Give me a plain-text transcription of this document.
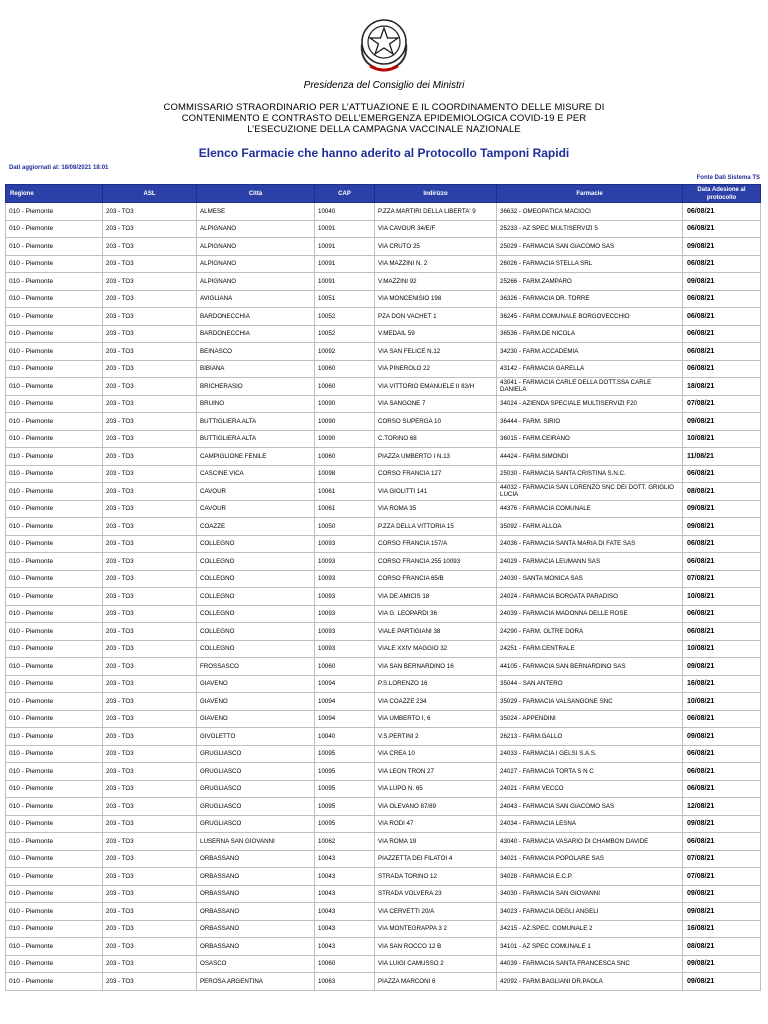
Presidenza del Consiglio dei Ministri
COMMISSARIO STRAORDINARIO PER L’ATTUAZIONE E IL COORDINAMENTO DELLE MISURE DI
CONTENIMENTO E CONTRASTO DELL’EMERGENZA EPIDEMIOLOGICA COVID-19 E PER
L’ESECUZIONE DELLA CAMPAGNA VACCINALE NAZIONALE
Elenco Farmacie che hanno aderito al Protocollo Tamponi Rapidi
Dati aggiornati al: 18/08/2021 18:01
Fonte Dati Sistema TS
Regione	ASL	Città	CAP	Indirizzo	Farmacie	Data Adesione al protocollo
010 - Piemonte	203 - TO3	ALMESE	10040	P.ZZA MARTIRI DELLA LIBERTA' 9	36632 - OMEOPATICA MACIOCI	06/08/21
010 - Piemonte	203 - TO3	ALPIGNANO	10091	VIA CAVOUR 34/E/F	25233 - AZ SPEC MULTISERVIZI 5	06/08/21
010 - Piemonte	203 - TO3	ALPIGNANO	10091	VIA CRUTO 25	25029 - FARMACIA SAN GIACOMO SAS	09/08/21
010 - Piemonte	203 - TO3	ALPIGNANO	10091	VIA MAZZINI N. 2	26026 - FARMACIA STELLA SRL	06/08/21
010 - Piemonte	203 - TO3	ALPIGNANO	10091	V.MAZZINI 92	25266 - FARM.ZAMPARO	09/08/21
010 - Piemonte	203 - TO3	AVIGLIANA	10051	VIA MONCENISIO 198	36326 - FARMACIA DR. TORRE	06/08/21
010 - Piemonte	203 - TO3	BARDONECCHIA	10052	PZA DON VACHET 1	36245 - FARM.COMUNALE BORGOVECCHIO	06/08/21
010 - Piemonte	203 - TO3	BARDONECCHIA	10052	V.MEDAIL 59	36536 - FARM.DE NICOLA	06/08/21
010 - Piemonte	203 - TO3	BEINASCO	10092	VIA SAN FELICE N.12	34230 - FARM.ACCADEMIA	06/08/21
010 - Piemonte	203 - TO3	BIBIANA	10060	VIA PINEROLO 22	43142 - FARMACIA GARELLA	06/08/21
010 - Piemonte	203 - TO3	BRICHERASIO	10060	VIA VITTORIO EMANUELE II 83/H	43041 - FARMACIA CARLE DELLA DOTT.SSA CARLE DANIELA	18/08/21
010 - Piemonte	203 - TO3	BRUINO	10090	VIA SANGONE 7	34024 - AZIENDA SPECIALE MULTISERVIZI F20	07/08/21
010 - Piemonte	203 - TO3	BUTTIGLIERA ALTA	10090	CORSO SUPERGA 10	36444 - FARM. SIRIO	09/08/21
010 - Piemonte	203 - TO3	BUTTIGLIERA ALTA	10090	C.TORINO 68	36015 - FARM.CEIRANO	10/08/21
010 - Piemonte	203 - TO3	CAMPIGLIONE FENILE	10060	PIAZZA UMBERTO I N.13	44424 - FARM.SIMONDI	11/08/21
010 - Piemonte	203 - TO3	CASCINE VICA	10098	CORSO FRANCIA 127	25030 - FARMACIA SANTA CRISTINA S.N.C.	06/08/21
010 - Piemonte	203 - TO3	CAVOUR	10061	VIA GIOLITTI 141	44032 - FARMACIA SAN LORENZO SNC DEI DOTT. GRIGLIO LUCIA	08/08/21
010 - Piemonte	203 - TO3	CAVOUR	10061	VIA ROMA 35	44376 - FARMACIA COMUNALE	09/08/21
010 - Piemonte	203 - TO3	COAZZE	10050	P.ZZA DELLA VITTORIA 15	35092 - FARM.ALLOA	09/08/21
010 - Piemonte	203 - TO3	COLLEGNO	10093	CORSO FRANCIA 157/A	24036 - FARMACIA SANTA MARIA DI FATE SAS	06/08/21
010 - Piemonte	203 - TO3	COLLEGNO	10093	CORSO FRANCIA 255 10093	24029 - FARMACIA LEUMANN SAS	06/08/21
010 - Piemonte	203 - TO3	COLLEGNO	10093	CORSO FRANCIA 65/B	24030 - SANTA MONICA SAS	07/08/21
010 - Piemonte	203 - TO3	COLLEGNO	10093	VIA DE AMICIS 18	24024 - FARMACIA BORGATA PARADISO	10/08/21
010 - Piemonte	203 - TO3	COLLEGNO	10093	VIA G. LEOPARDI 36	24039 - FARMACIA MADONNA DELLE ROSE	06/08/21
010 - Piemonte	203 - TO3	COLLEGNO	10093	VIALE PARTIGIANI 38	24290 - FARM. OLTRE DORA	06/08/21
010 - Piemonte	203 - TO3	COLLEGNO	10093	VIALE XXIV MAGGIO 32	24251 - FARM.CENTRALE	10/08/21
010 - Piemonte	203 - TO3	FROSSASCO	10060	VIA SAN BERNARDINO 16	44105 - FARMACIA SAN BERNARDINO SAS	09/08/21
010 - Piemonte	203 - TO3	GIAVENO	10094	P.S.LORENZO 16	35044 - SAN ANTERO	16/08/21
010 - Piemonte	203 - TO3	GIAVENO	10094	VIA COAZZE 234	35029 - FARMACIA VALSANGONE SNC	10/08/21
010 - Piemonte	203 - TO3	GIAVENO	10094	VIA UMBERTO I, 6	35024 - APPENDINI	06/08/21
010 - Piemonte	203 - TO3	GIVOLETTO	10040	V.S.PERTINI 2	26213 - FARM.GALLO	09/08/21
010 - Piemonte	203 - TO3	GRUGLIASCO	10095	VIA CREA 10	24033 - FARMACIA I GELSI S.A.S.	06/08/21
010 - Piemonte	203 - TO3	GRUGLIASCO	10095	VIA LEON TRON 27	24027 - FARMACIA TORTA S N C	06/08/21
010 - Piemonte	203 - TO3	GRUGLIASCO	10095	VIA LUPO N. 65	24021 - FARM VECCO	06/08/21
010 - Piemonte	203 - TO3	GRUGLIASCO	10095	VIA OLEVANO 87/89	24043 - FARMACIA SAN GIACOMO SAS	12/08/21
010 - Piemonte	203 - TO3	GRUGLIASCO	10095	VIA RODI 47	24034 - FARMACIA LESNA	09/08/21
010 - Piemonte	203 - TO3	LUSERNA SAN GIOVANNI	10062	VIA ROMA 19	43040 - FARMACIA VASARIO DI CHAMBON DAVIDE	06/08/21
010 - Piemonte	203 - TO3	ORBASSANO	10043	PIAZZETTA DEI FILATOI 4	34021 - FARMACIA POPOLARE SAS	07/08/21
010 - Piemonte	203 - TO3	ORBASSANO	10043	STRADA TORINO 12	34028 - FARMACIA E.C.P.	07/08/21
010 - Piemonte	203 - TO3	ORBASSANO	10043	STRADA VOLVERA 23	34030 - FARMACIA SAN GIOVANNI	09/08/21
010 - Piemonte	203 - TO3	ORBASSANO	10043	VIA CERVETTI 20/A	34023 - FARMACIA DEGLI ANGELI	09/08/21
010 - Piemonte	203 - TO3	ORBASSANO	10043	VIA MONTEGRAPPA 3 2	34215 - AZ.SPEC. COMUNALE 2	16/08/21
010 - Piemonte	203 - TO3	ORBASSANO	10043	VIA SAN ROCCO 12 B	34101 - AZ SPEC COMUNALE 1	08/08/21
010 - Piemonte	203 - TO3	OSASCO	10060	VIA LUIGI CAMUSSO 2	44039 - FARMACIA SANTA FRANCESCA SNC	09/08/21
010 - Piemonte	203 - TO3	PEROSA ARGENTINA	10063	PIAZZA MARCONI 6	42092 - FARM.BAGLIANI DR.PAOLA	09/08/21
